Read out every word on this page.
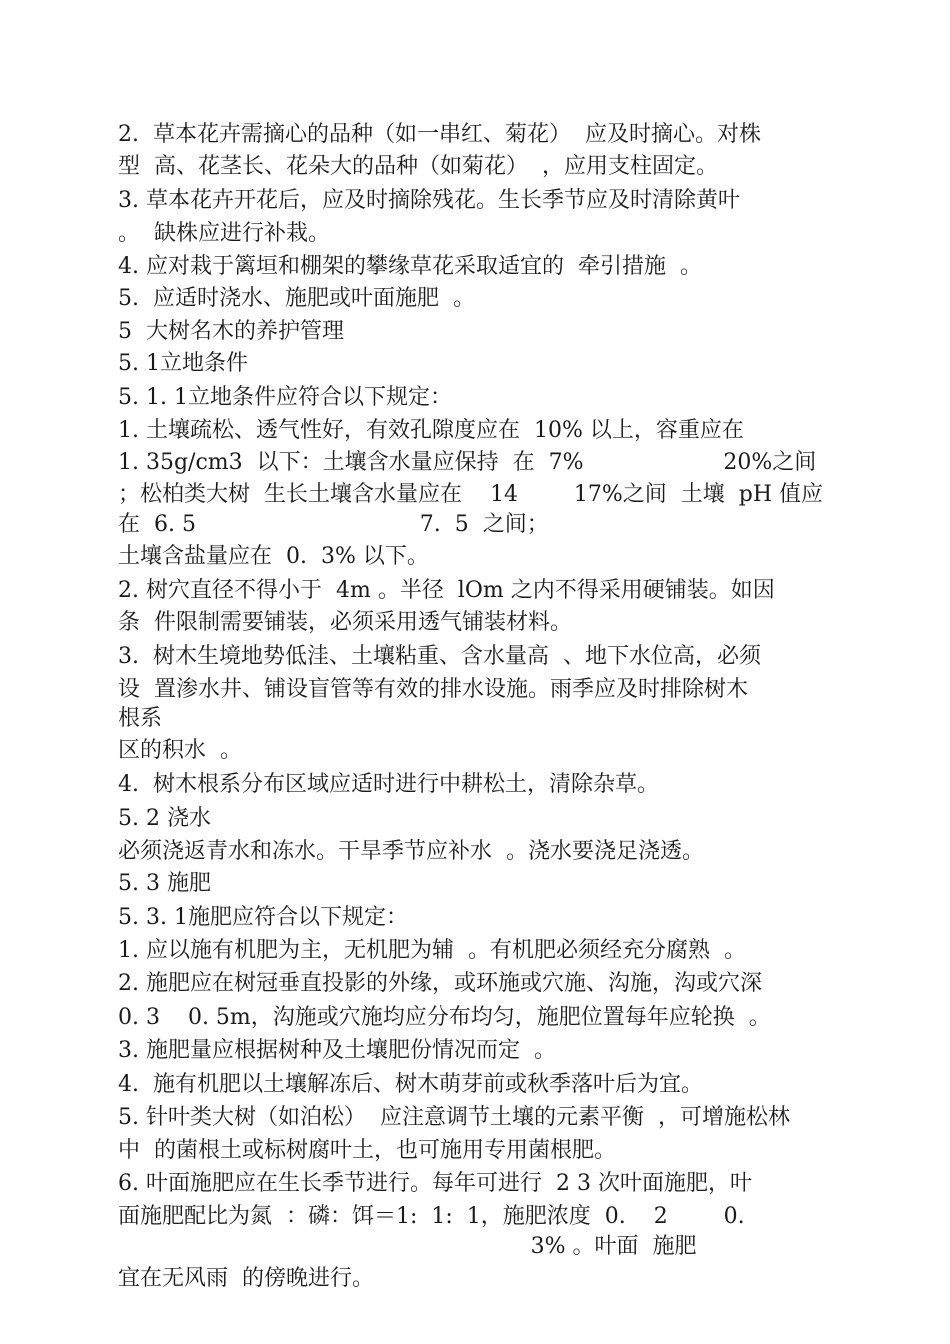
2.  草本花卉需摘心的品种（如一串红、菊花）  应及时摘心。对株
型  高、花茎长、花朵大的品种（如菊花）  ，应用支柱固定。
3. 草本花卉开花后，应及时摘除残花。生长季节应及时清除黄叶
。  缺株应进行补栽。
4. 应对栽于篱垣和棚架的攀缘草花采取适宜的  牵引措施  。
5.  应适时浇水、施肥或叶面施肥  。
5  大树名木的养护管理
5. 1立地条件
5. 1. 1立地条件应符合以下规定：
1. 土壤疏松、透气性好，有效孔隙度应在  10% 以上，容重应在
1. 35g/cm3  以下：土壤含水量应保持  在  7%                    20%之间
；松柏类大树  生长土壤含水量应在    14        17%之间  土壤  pH 值应
在  6. 5                                7.  5  之间；
土壤含盐量应在  0.  3% 以下。
2. 树穴直径不得小于  4m 。半径  lOm 之内不得采用硬铺装。如因
条  件限制需要铺装，必须采用透气铺装材料。
3.  树木生境地势低洼、土壤粘重、含水量高  、地下水位高，必须
设  置渗水井、铺设盲管等有效的排水设施。雨季应及时排除树木
根系
区的积水  。
4.  树木根系分布区域应适时进行中耕松土，清除杂草。
5. 2 浇水
必须浇返青水和冻水。干旱季节应补水  。浇水要浇足浇透。
5. 3 施肥
5. 3. 1施肥应符合以下规定：
1. 应以施有机肥为主，无机肥为辅  。有机肥必须经充分腐熟  。
2. 施肥应在树冠垂直投影的外缘，或环施或穴施、沟施，沟或穴深
0. 3    0. 5m，沟施或穴施均应分布均匀，施肥位置每年应轮换  。
3. 施肥量应根据树种及土壤肥份情况而定  。
4.  施有机肥以土壤解冻后、树木萌芽前或秋季落叶后为宜。
5. 针叶类大树（如泊松）  应注意调节土壤的元素平衡  ，可增施松林
中  的菌根土或标树腐叶土，也可施用专用菌根肥。
6. 叶面施肥应在生长季节进行。每年可进行  2 3 次叶面施肥，叶
面施肥配比为氮  ：磷：饵＝1:  1:  1，施肥浓度  0.    2        0.
3% 。叶面  施肥
宜在无风雨  的傍晚进行。
